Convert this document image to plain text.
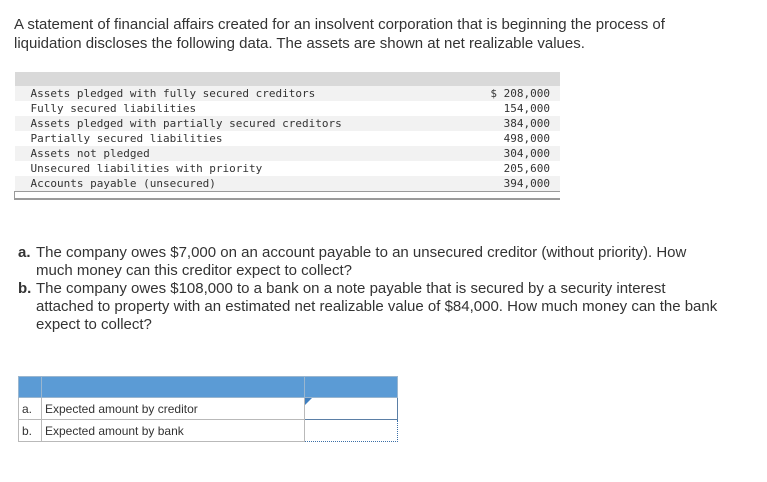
A statement of financial affairs created for an insolvent corporation that is beginning the process of
liquidation discloses the following data. The assets are shown at net realizable values.

Assets pledged with fully secured creditors	$ 208,000
Fully secured liabilities	154,000
Assets pledged with partially secured creditors	384,000
Partially secured liabilities	498,000
Assets not pledged	304,000
Unsecured liabilities with priority	205,600
Accounts payable (unsecured)	394,000

a. The company owes $7,000 on an account payable to an unsecured creditor (without priority). How
much money can this creditor expect to collect?
b. The company owes $108,000 to a bank on a note payable that is secured by a security interest
attached to property with an estimated net realizable value of $84,000. How much money can the bank
expect to collect?

a.	Expected amount by creditor	

b.	Expected amount by bank	
